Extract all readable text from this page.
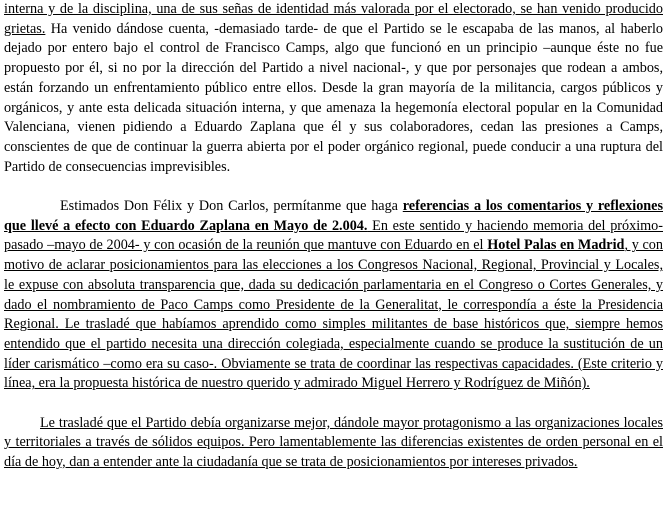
interna y de la disciplina, una de sus señas de identidad más valorada por el electorado, se han venido producido grietas. Ha venido dándose cuenta, -demasiado tarde- de que el Partido se le escapaba de las manos, al haberlo dejado por entero bajo el control de Francisco Camps, algo que funcionó en un principio –aunque éste no fue propuesto por él, si no por la dirección del Partido a nivel nacional-, y que por personajes que rodean a ambos, están forzando un enfrentamiento público entre ellos. Desde la gran mayoría de la militancia, cargos públicos y orgánicos, y ante esta delicada situación interna, y que amenaza la hegemonía electoral popular en la Comunidad Valenciana, vienen pidiendo a Eduardo Zaplana que él y sus colaboradores, cedan las presiones a Camps, conscientes de que de continuar la guerra abierta por el poder orgánico regional, puede conducir a una ruptura del Partido de consecuencias imprevisibles.

Estimados Don Félix y Don Carlos, permítanme que haga referencias a los comentarios y reflexiones que llevé a efecto con Eduardo Zaplana en Mayo de 2.004. En este sentido y haciendo memoria del próximo-pasado –mayo de 2004- y con ocasión de la reunión que mantuve con Eduardo en el Hotel Palas en Madrid, y con motivo de aclarar posicionamientos para las elecciones a los Congresos Nacional, Regional, Provincial y Locales, le expuse con absoluta transparencia que, dada su dedicación parlamentaria en el Congreso o Cortes Generales, y dado el nombramiento de Paco Camps como Presidente de la Generalitat, le correspondía a éste la Presidencia Regional. Le trasladé que habíamos aprendido como simples militantes de base históricos que, siempre hemos entendido que el partido necesita una dirección colegiada, especialmente cuando se produce la sustitución de un líder carismático –como era su caso-. Obviamente se trata de coordinar las respectivas capacidades. (Este criterio y línea, era la propuesta histórica de nuestro querido y admirado Miguel Herrero y Rodríguez de Miñón).

Le trasladé que el Partido debía organizarse mejor, dándole mayor protagonismo a las organizaciones locales y territoriales a través de sólidos equipos. Pero lamentablemente las diferencias existentes de orden personal en el día de hoy, dan a entender ante la ciudadanía que se trata de posicionamientos por intereses privados.
